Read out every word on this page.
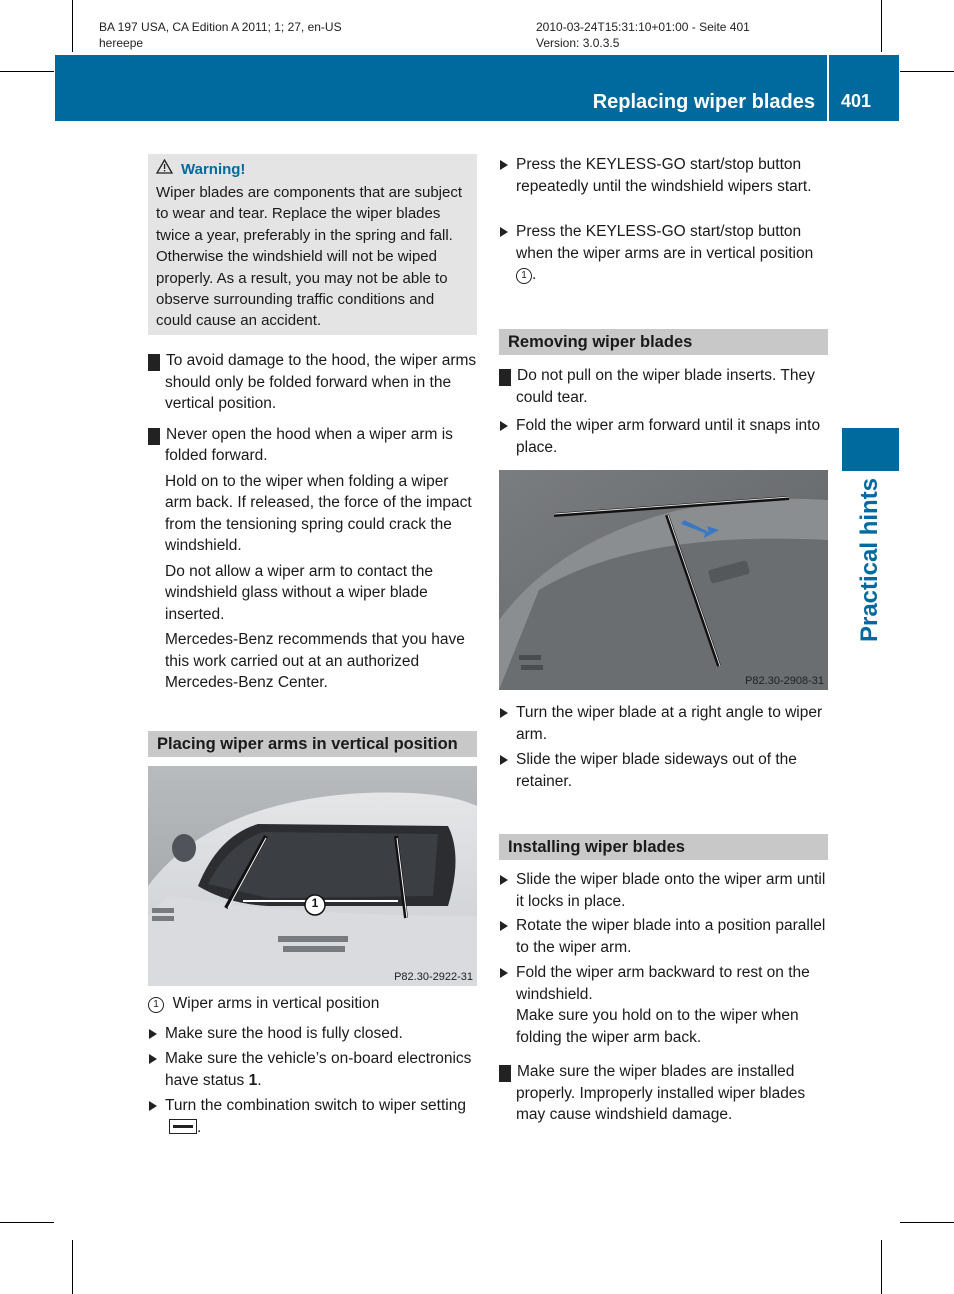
BA 197 USA, CA Edition A 2011; 1; 27, en-US
hereepe
2010-03-24T15:31:10+01:00 - Seite 401
Version: 3.0.3.5
Replacing wiper blades 401
Practical hints
Warning!
Wiper blades are components that are subject to wear and tear. Replace the wiper blades twice a year, preferably in the spring and fall. Otherwise the windshield will not be wiped properly. As a result, you may not be able to observe surrounding traffic conditions and could cause an accident.

! To avoid damage to the hood, the wiper arms should only be folded forward when in the vertical position.

! Never open the hood when a wiper arm is folded forward.

Hold on to the wiper when folding a wiper arm back. If released, the force of the impact from the tensioning spring could crack the windshield.

Do not allow a wiper arm to contact the windshield glass without a wiper blade inserted.

Mercedes-Benz recommends that you have this work carried out at an authorized Mercedes-Benz Center.

Placing wiper arms in vertical position
1
P82.30-2922-31

1 Wiper arms in vertical position

Make sure the hood is fully closed.
Make sure the vehicle’s on-board electronics have status 1.
Turn the combination switch to wiper setting.
Press the KEYLESS-GO start/stop button repeatedly until the windshield wipers start.
Press the KEYLESS-GO start/stop button when the wiper arms are in vertical position 1 .
Removing wiper blades

! Do not pull on the wiper blade inserts. They could tear.

Fold the wiper arm forward until it snaps into place.
P82.30-2908-31
Turn the wiper blade at a right angle to wiper arm.
Slide the wiper blade sideways out of the retainer.
Installing wiper blades
Slide the wiper blade onto the wiper arm until it locks in place.
Rotate the wiper blade into a position parallel to the wiper arm.
Fold the wiper arm backward to rest on the windshield.
Make sure you hold on to the wiper when folding the wiper arm back.

! Make sure the wiper blades are installed properly. Improperly installed wiper blades may cause windshield damage.
